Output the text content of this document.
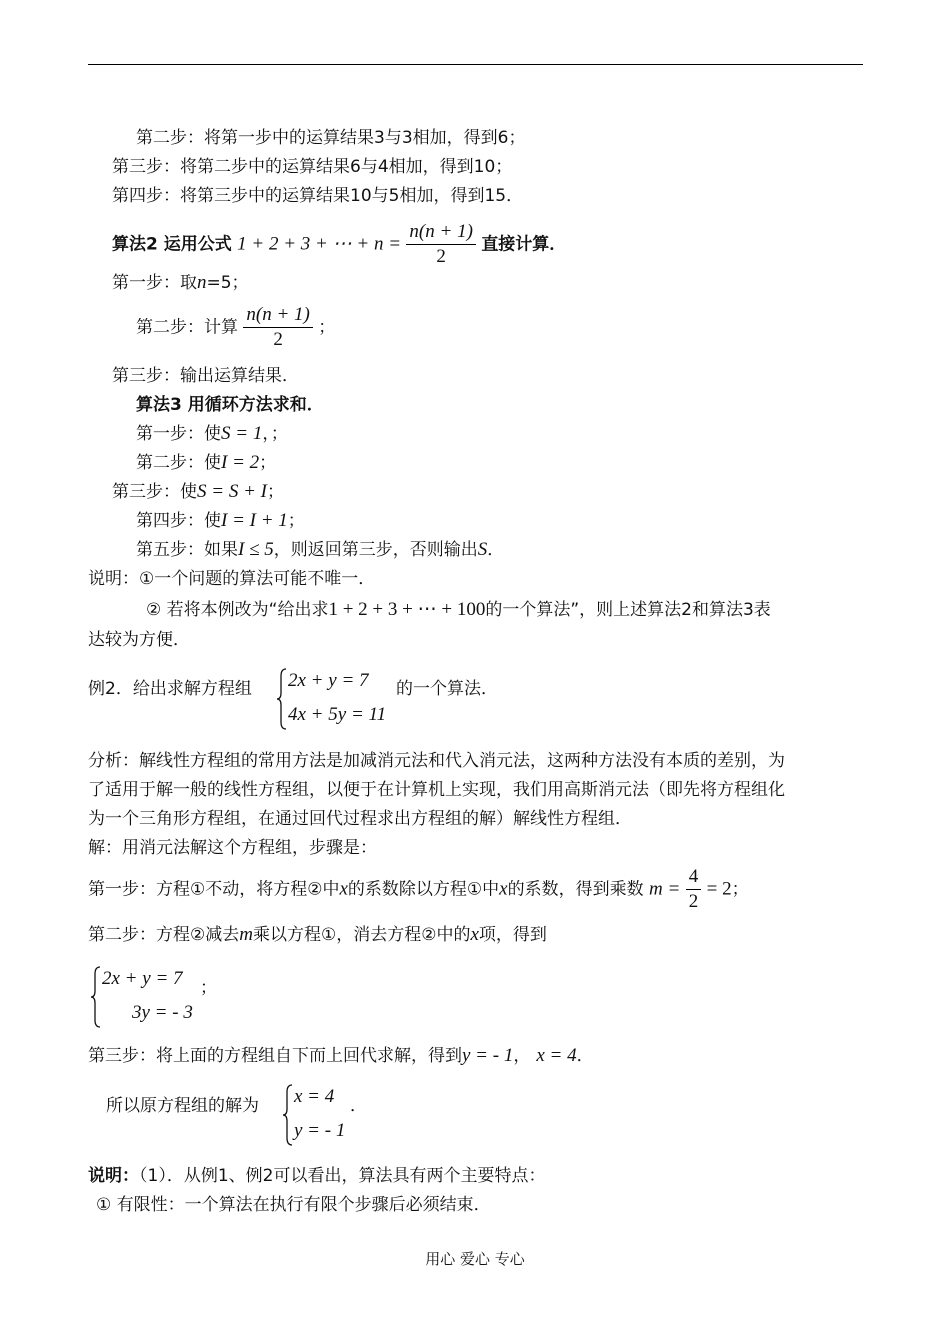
第二步：将第一步中的运算结果3与3相加，得到6；
第三步：将第二步中的运算结果6与4相加，得到10；
第四步：将第三步中的运算结果10与5相加，得到15．
算法2 运用公式 1 + 2 + 3 + ⋯ + $n = \frac{n(n + 1)}{2}$ 直接计算．
第一步：取n=5；
第二步：计算 $\frac{n(n + 1)}{2}$ ；
第三步：输出运算结果．
算法3 用循环方法求和．
第一步：使S = 1，；
第二步：使I = 2；
第三步：使S = S + I；
第四步：使I = I + 1；
第五步：如果I ≤ 5，则返回第三步，否则输出S．
说明：①一个问题的算法可能不唯一．
② 若将本例改为“给出求1 + 2 + 3 + ⋯ + 100的一个算法”，则上述算法2和算法3表
达较为方便．
例2．给出求解方程组 2x + y = 7
4x + 5y = 11
的一个算法．
分析：解线性方程组的常用方法是加减消元法和代入消元法，这两种方法没有本质的差别，为
了适用于解一般的线性方程组，以便于在计算机上实现，我们用高斯消元法（即先将方程组化
为一个三角形方程组，在通过回代过程求出方程组的解）解线性方程组．
解：用消元法解这个方程组，步骤是：
第一步：方程①不动，将方程②中x的系数除以方程①中x的系数，得到乘数 $m = \frac{4}{2} = 2$；
第二步：方程②减去m乘以方程①，消去方程②中的x项，得到
2x + y = 7
3y = - 3
；
第三步：将上面的方程组自下而上回代求解，得到y = - 1， x = 4．
所以原方程组的解为 x = 4
y = - 1
．
说明：（1）．从例1、例2可以看出，算法具有两个主要特点：
① 有限性：一个算法在执行有限个步骤后必须结束．
用心 爱心 专心
